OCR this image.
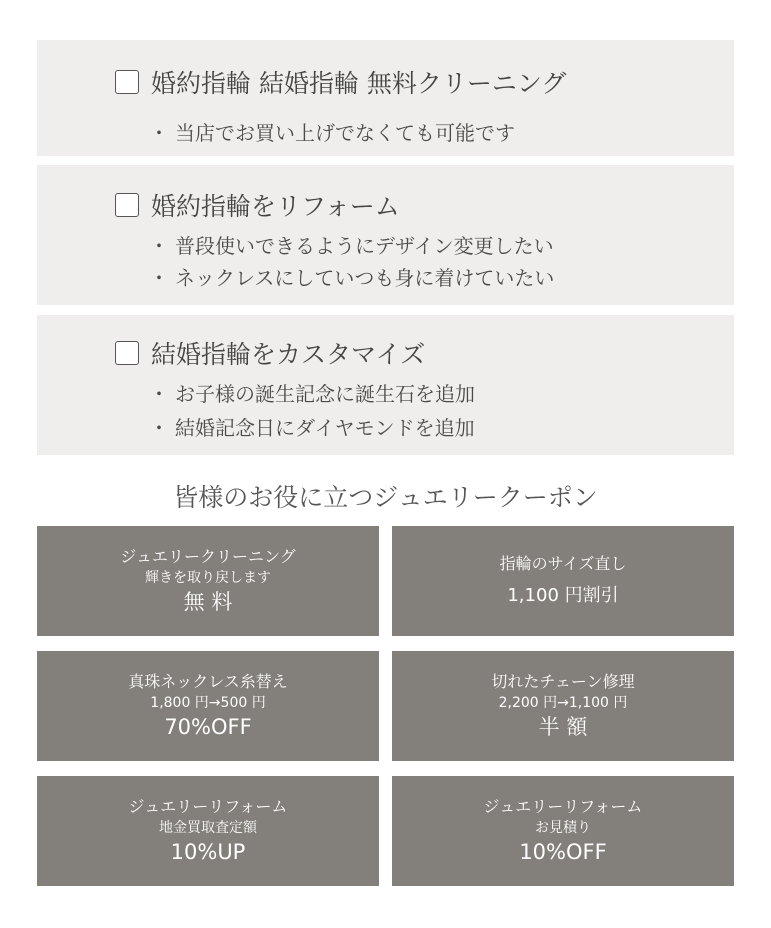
婚約指輪 結婚指輪 無料クリーニング
・ 当店でお買い上げでなくても可能です
婚約指輪をリフォーム
・ 普段使いできるようにデザイン変更したい
・ ネックレスにしていつも身に着けていたい
結婚指輪をカスタマイズ
・ お子様の誕生記念に誕生石を追加
・ 結婚記念日にダイヤモンドを追加
皆様のお役に立つジュエリークーポン
ジュエリークリーニング
輝きを取り戻します
無 料
指輪のサイズ直し
1,100 円割引
真珠ネックレス糸替え
1,800 円→500 円
70%OFF
切れたチェーン修理
2,200 円→1,100 円
半 額
ジュエリーリフォーム
地金買取査定額
10%UP
ジュエリーリフォーム
お見積り
10%OFF
